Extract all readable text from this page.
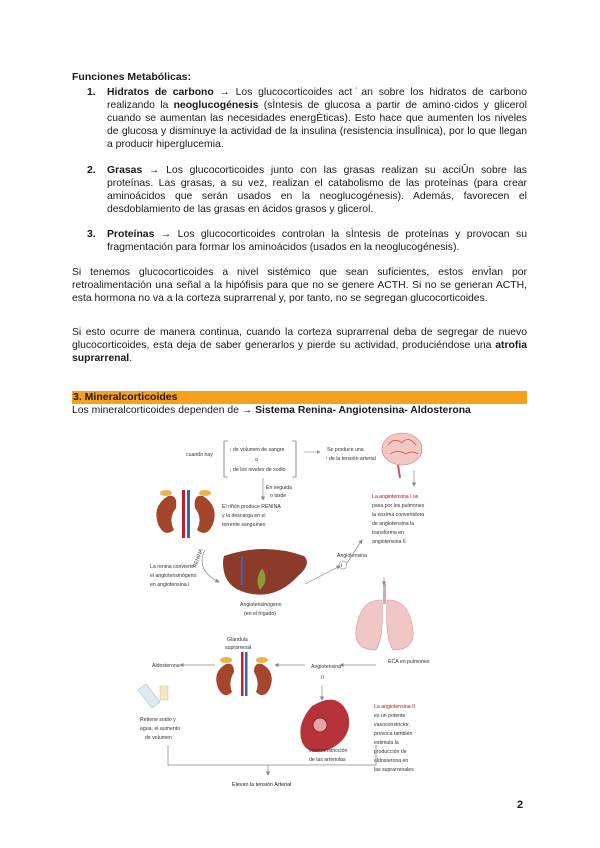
Funciones Metabólicas:
1. Hidratos de carbono → Los glucocorticoides act˙an sobre los hidratos de carbono realizando la neoglucogénesis (sÌntesis de glucosa a partir de amino·cidos y glicerol cuando se aumentan las necesidades energÈticas). Esto hace que aumenten los niveles de glucosa y disminuye la actividad de la insulina (resistencia insulÌnica), por lo que llegan a producir hiperglucemia.
2. Grasas → Los glucocorticoides junto con las grasas realizan su acciÛn sobre las proteínas. Las grasas, a su vez, realizan el catabolismo de las proteínas (para crear aminoácidos que serán usados en la neoglucogénesis). Además, favorecen el desdoblamiento de las grasas en ácidos grasos y glicerol.
3. Proteínas → Los glucocorticoides controlan la sÌntesis de proteínas y provocan su fragmentación para formar los aminoácidos (usados en la neoglucogénesis).
Si tenemos glucocorticoides a nivel sistémico que sean suficientes, estos envÌan por retroalimentación una señal a la hipófisis para que no se genere ACTH. Si no se generan ACTH, esta hormona no va a la corteza suprarrenal y, por tanto, no se segregan glucocorticoides.
Si esto ocurre de manera continua, cuando la corteza suprarrenal deba de segregar de nuevo glucocorticoides, esta deja de saber generarlos y pierde su actividad, produciéndose una atrofia suprarrenal.
3. Mineralcorticoides
Los mineralcorticoides dependen de → Sistema Renina- Angiotensina- Aldosterona
cuando hay
↓ de volumen de sangre
o
↓ de los niveles de sodio
Se produce una
↑ de la tensión arterial
En seguida
o tarde
El riñón produce RENINA
y la descarga en el
torrente sanguíneo
RENINA
La renina convierte
el angiotensinógeno
en angiotensina I
Angiotensinógeno
(en el hígado)
Angiotensina
I
La angiotensina I se
pasa por los pulmones
la enzima convertidora
de angiotensina la
transforma en
angiotensina II
ECA en pulmones
Glándula
suprarrenal
Aldosterona
Retiene sodio y
agua, el aumento
de volumen
Angiotensina
II
vasoconstricción
de las arteriolas
La angiotensina II
es un potente
vasoconstrictor,
provoca también
estimula la
producción de
aldosterona en
las suprarrenales
Elevan la tensión Arterial
2
